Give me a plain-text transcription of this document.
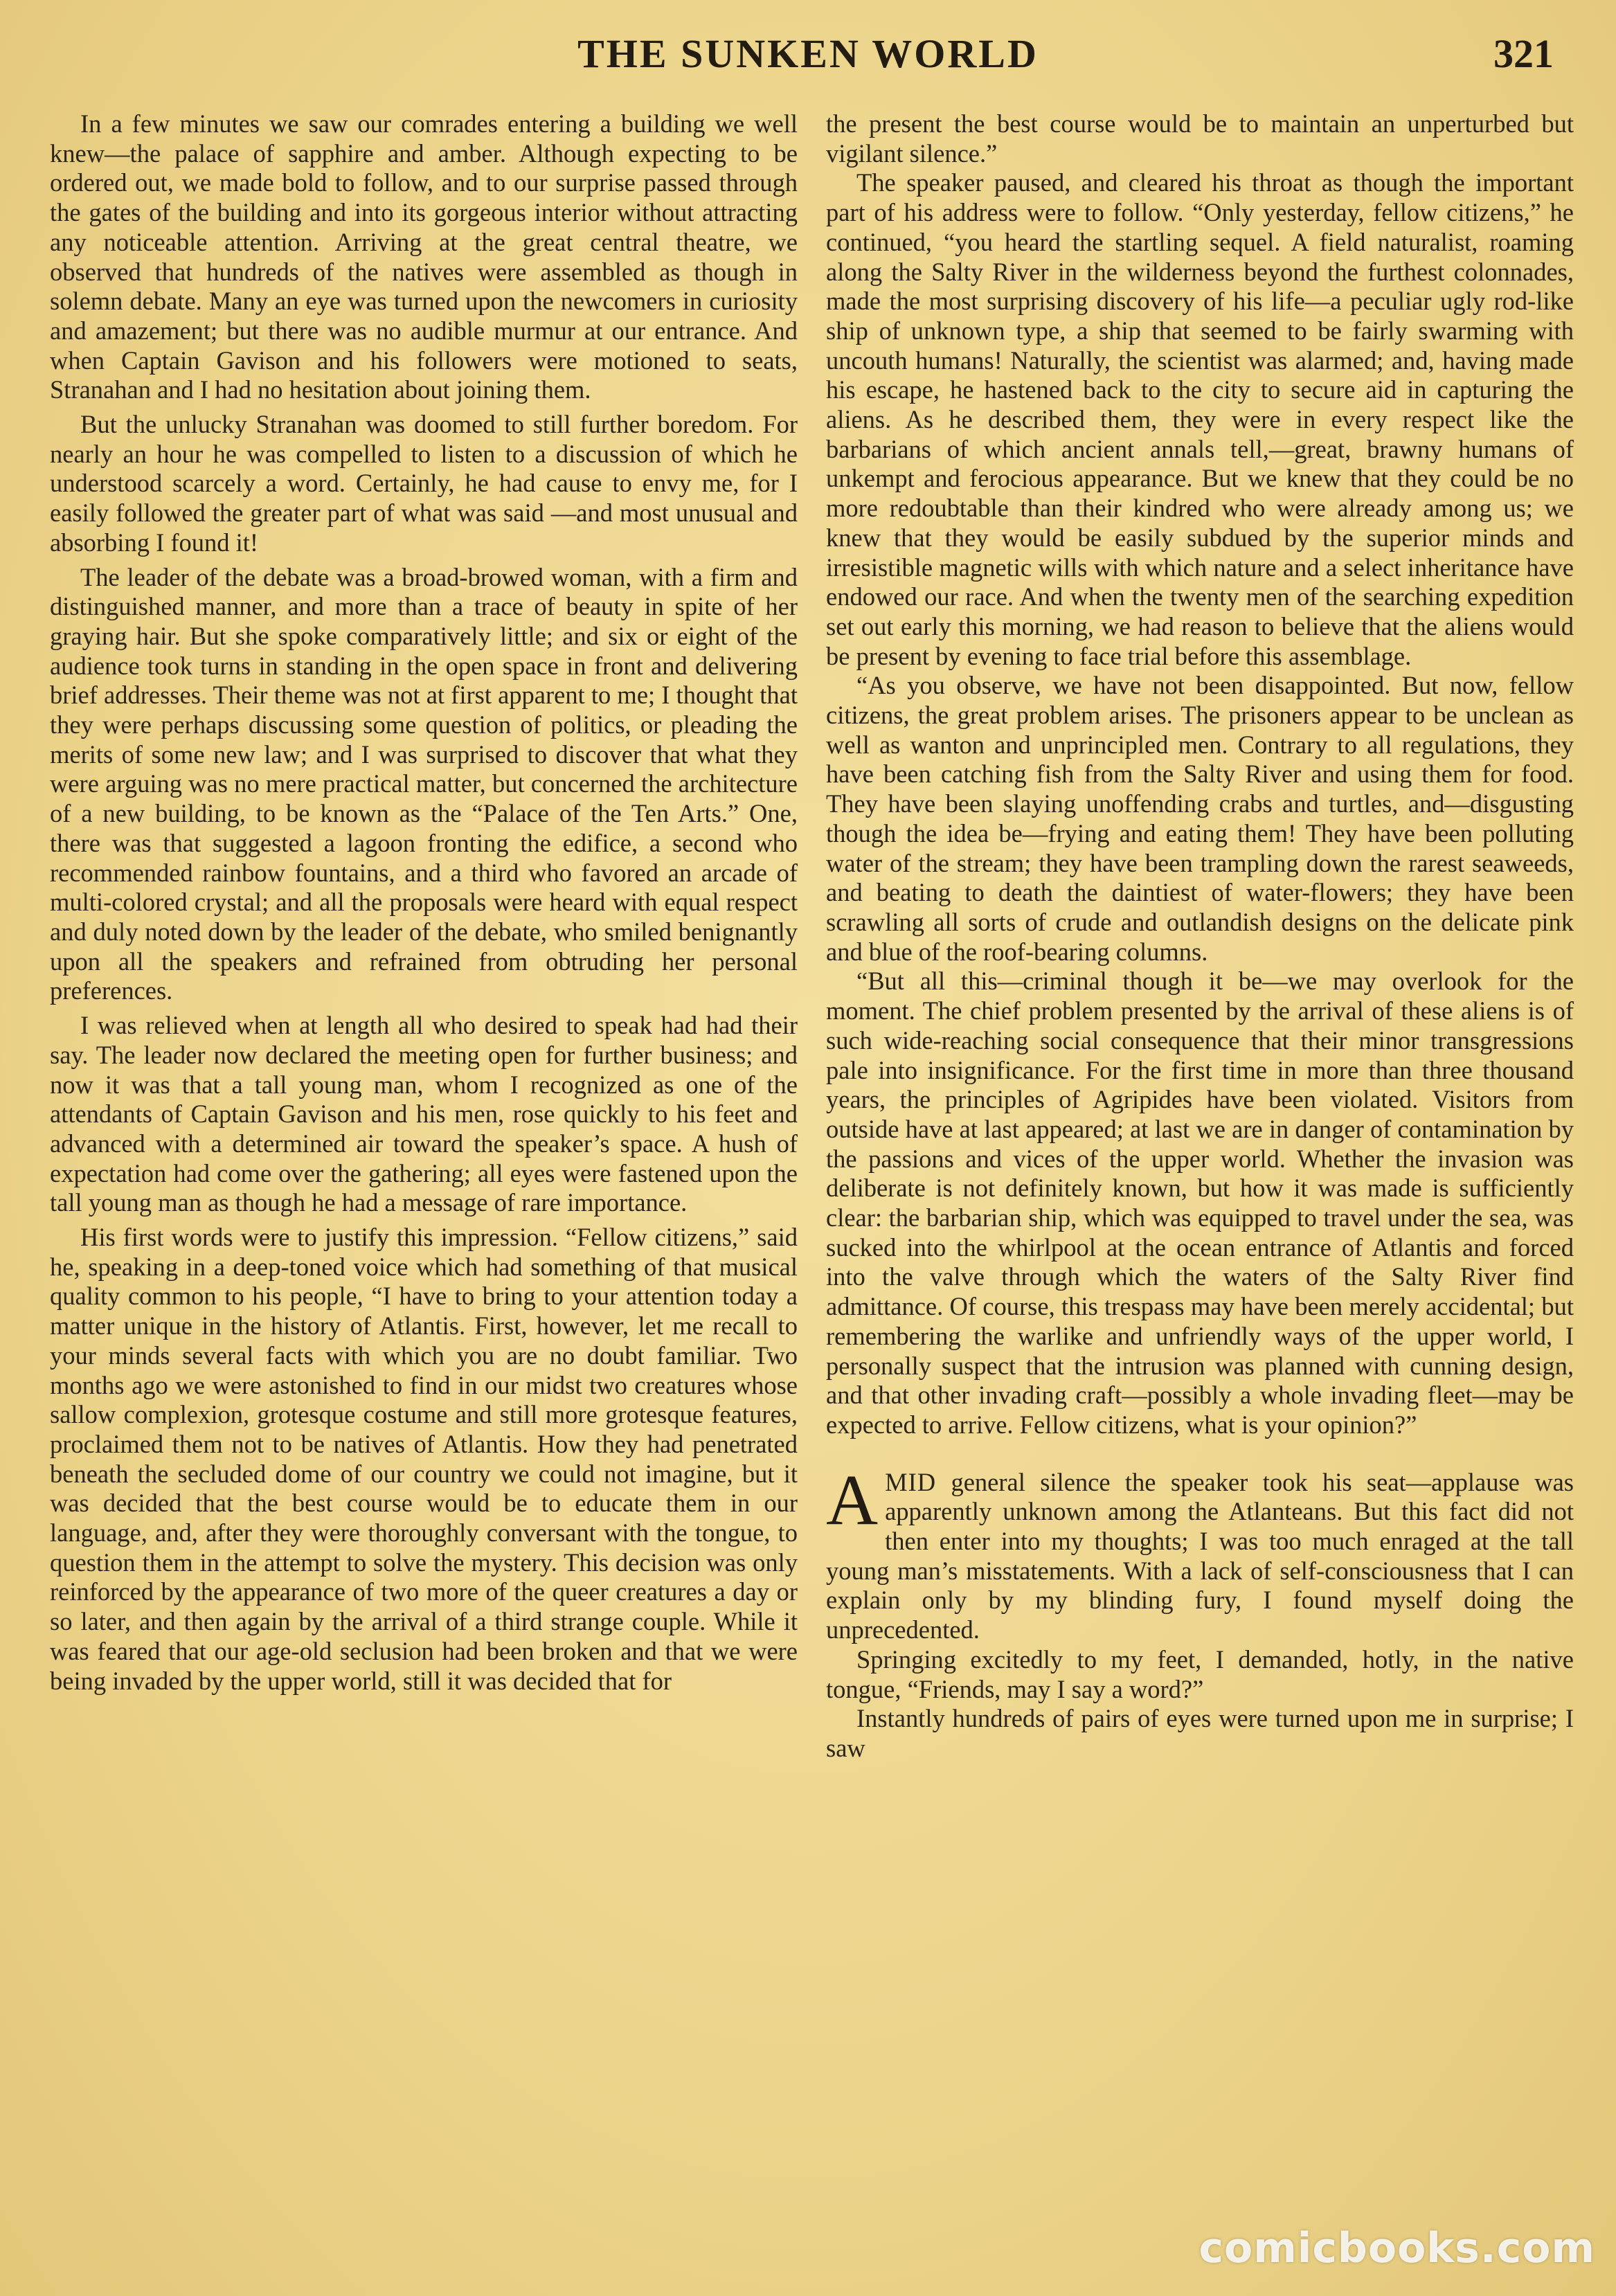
THE SUNKEN WORLD	321

In a few minutes we saw our comrades entering a building we well knew—the palace of sapphire and amber. Although expecting to be ordered out, we made bold to follow, and to our surprise passed through the gates of the building and into its gorgeous interior without attracting any noticeable attention. Arriving at the great central theatre, we observed that hundreds of the natives were assembled as though in solemn debate. Many an eye was turned upon the newcomers in curiosity and amazement; but there was no audible murmur at our entrance. And when Captain Gavison and his followers were motioned to seats, Stranahan and I had no hesitation about joining them.

But the unlucky Stranahan was doomed to still further boredom. For nearly an hour he was compelled to listen to a discussion of which he understood scarcely a word. Certainly, he had cause to envy me, for I easily followed the greater part of what was said —and most unusual and absorbing I found it!

The leader of the debate was a broad-browed woman, with a firm and distinguished manner, and more than a trace of beauty in spite of her graying hair. But she spoke comparatively little; and six or eight of the audience took turns in standing in the open space in front and delivering brief addresses. Their theme was not at first apparent to me; I thought that they were perhaps discussing some question of politics, or pleading the merits of some new law; and I was surprised to discover that what they were arguing was no mere practical matter, but concerned the architecture of a new building, to be known as the “Palace of the Ten Arts.” One, there was that suggested a lagoon fronting the edifice, a second who recommended rainbow fountains, and a third who favored an arcade of multi-colored crystal; and all the proposals were heard with equal respect and duly noted down by the leader of the debate, who smiled benignantly upon all the speakers and refrained from obtruding her personal preferences.

I was relieved when at length all who desired to speak had had their say. The leader now declared the meeting open for further business; and now it was that a tall young man, whom I recognized as one of the attendants of Captain Gavison and his men, rose quickly to his feet and advanced with a determined air toward the speaker’s space. A hush of expectation had come over the gathering; all eyes were fastened upon the tall young man as though he had a message of rare importance.

His first words were to justify this impression. “Fellow citizens,” said he, speaking in a deep-toned voice which had something of that musical quality common to his people, “I have to bring to your attention today a matter unique in the history of Atlantis. First, however, let me recall to your minds several facts with which you are no doubt familiar. Two months ago we were astonished to find in our midst two creatures whose sallow complexion, grotesque costume and still more grotesque features, proclaimed them not to be natives of Atlantis. How they had penetrated beneath the secluded dome of our country we could not imagine, but it was decided that the best course would be to educate them in our language, and, after they were thoroughly conversant with the tongue, to question them in the attempt to solve the mystery. This decision was only reinforced by the appearance of two more of the queer creatures a day or so later, and then again by the arrival of a third strange couple. While it was feared that our age-old seclusion had been broken and that we were being invaded by the upper world, still it was decided that for

the present the best course would be to maintain an unperturbed but vigilant silence.”

The speaker paused, and cleared his throat as though the important part of his address were to follow. “Only yesterday, fellow citizens,” he continued, “you heard the startling sequel. A field naturalist, roaming along the Salty River in the wilderness beyond the furthest colonnades, made the most surprising discovery of his life—a peculiar ugly rod-like ship of unknown type, a ship that seemed to be fairly swarming with uncouth humans! Naturally, the scientist was alarmed; and, having made his escape, he hastened back to the city to secure aid in capturing the aliens. As he described them, they were in every respect like the barbarians of which ancient annals tell,—great, brawny humans of unkempt and ferocious appearance. But we knew that they could be no more redoubtable than their kindred who were already among us; we knew that they would be easily subdued by the superior minds and irresistible magnetic wills with which nature and a select inheritance have endowed our race. And when the twenty men of the searching expedition set out early this morning, we had reason to believe that the aliens would be present by evening to face trial before this assemblage.

“As you observe, we have not been disappointed. But now, fellow citizens, the great problem arises. The prisoners appear to be unclean as well as wanton and unprincipled men. Contrary to all regulations, they have been catching fish from the Salty River and using them for food. They have been slaying unoffending crabs and turtles, and—disgusting though the idea be—frying and eating them! They have been polluting water of the stream; they have been trampling down the rarest seaweeds, and beating to death the daintiest of water-flowers; they have been scrawling all sorts of crude and outlandish designs on the delicate pink and blue of the roof-bearing columns.

“But all this—criminal though it be—we may overlook for the moment. The chief problem presented by the arrival of these aliens is of such wide-reaching social consequence that their minor transgressions pale into insignificance. For the first time in more than three thousand years, the principles of Agripides have been violated. Visitors from outside have at last appeared; at last we are in danger of contamination by the passions and vices of the upper world. Whether the invasion was deliberate is not definitely known, but how it was made is sufficiently clear: the barbarian ship, which was equipped to travel under the sea, was sucked into the whirlpool at the ocean entrance of Atlantis and forced into the valve through which the waters of the Salty River find admittance. Of course, this trespass may have been merely accidental; but remembering the warlike and unfriendly ways of the upper world, I personally suspect that the intrusion was planned with cunning design, and that other invading craft—possibly a whole invading fleet—may be expected to arrive. Fellow citizens, what is your opinion?”

AMID general silence the speaker took his seat—applause was apparently unknown among the Atlanteans. But this fact did not then enter into my thoughts; I was too much enraged at the tall young man’s misstatements. With a lack of self-consciousness that I can explain only by my blinding fury, I found myself doing the unprecedented.

Springing excitedly to my feet, I demanded, hotly, in the native tongue, “Friends, may I say a word?”

Instantly hundreds of pairs of eyes were turned upon me in surprise; I saw

comicbooks.com
